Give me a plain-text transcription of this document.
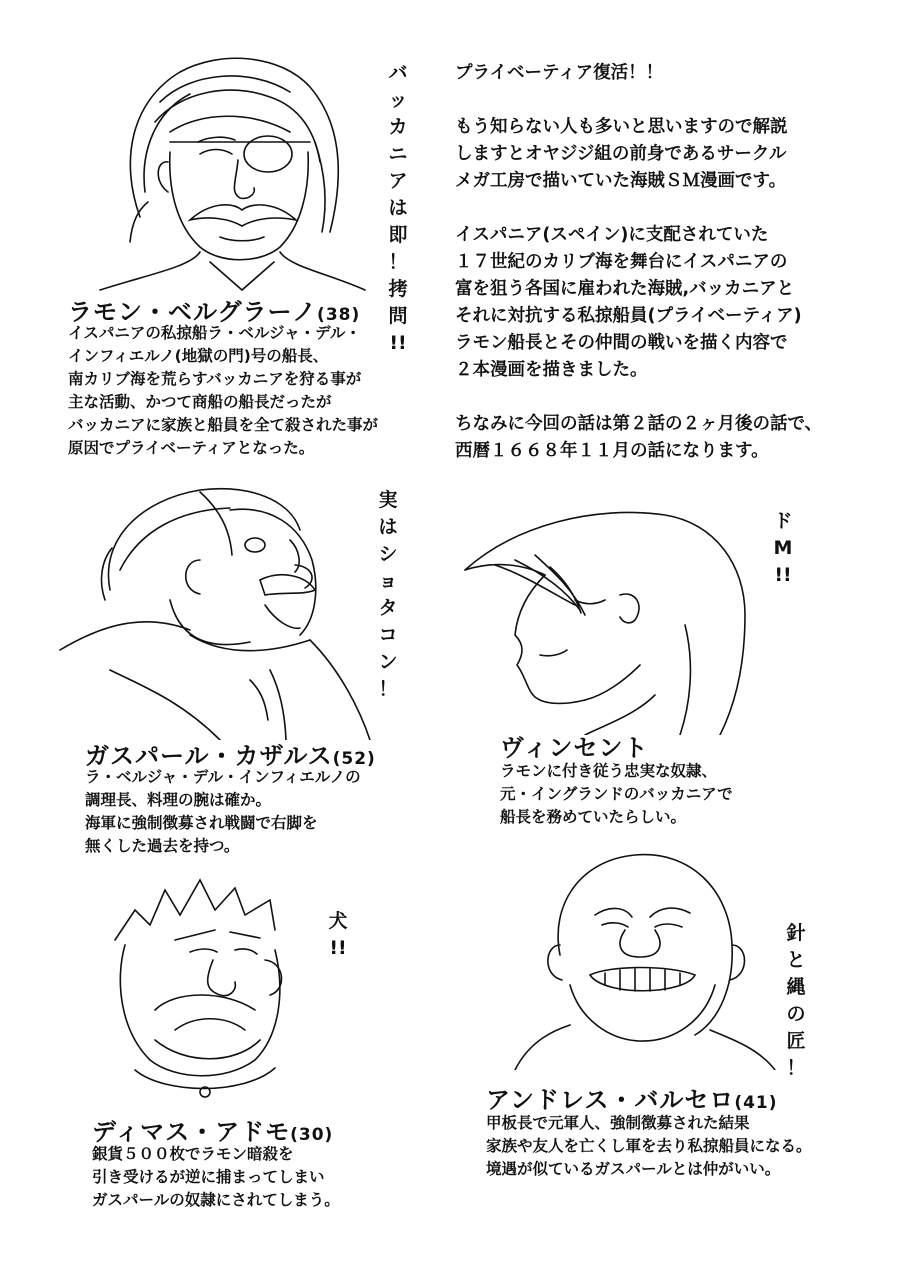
バ
ッ
カ
ニ
ア
は
即
！
拷
問
!!
ラモン・ベルグラーノ(38)
イスパニアの私掠船ラ・ベルジャ・デル・
インフィエルノ(地獄の門)号の船長、
南カリブ海を荒らすバッカニアを狩る事が
主な活動、かつて商船の船長だったが
バッカニアに家族と船員を全て殺された事が
原因でプライベーティアとなった。
プライベーティア復活！！
もう知らない人も多いと思いますので解説
しますとオヤジジ組の前身であるサークル
メガ工房で描いていた海賊ＳＭ漫画です。
イスパニア(スペイン)に支配されていた
１７世紀のカリブ海を舞台にイスパニアの
富を狙う各国に雇われた海賊,バッカニアと
それに対抗する私掠船員(プライベーティア)
ラモン船長とその仲間の戦いを描く内容で
２本漫画を描きました。
ちなみに今回の話は第２話の２ヶ月後の話で、
西暦１６６８年１１月の話になります。
実
は
シ
ョ
タ
コ
ン
！
ガスパール・カザルス(52)
ラ・ベルジャ・デル・インフィエルノの
調理長、料理の腕は確か。
海軍に強制徴募され戦闘で右脚を
無くした過去を持つ。
ド
M
!!
ヴィンセント
ラモンに付き従う忠実な奴隷、
元・イングランドのバッカニアで
船長を務めていたらしい。
犬
!!
ディマス・アドモ(30)
銀貨５００枚でラモン暗殺を
引き受けるが逆に捕まってしまい
ガスパールの奴隷にされてしまう。
針
と
縄
の
匠
！
アンドレス・バルセロ(41)
甲板長で元軍人、強制徴募された結果
家族や友人を亡くし軍を去り私掠船員になる。
境遇が似ているガスパールとは仲がいい。
